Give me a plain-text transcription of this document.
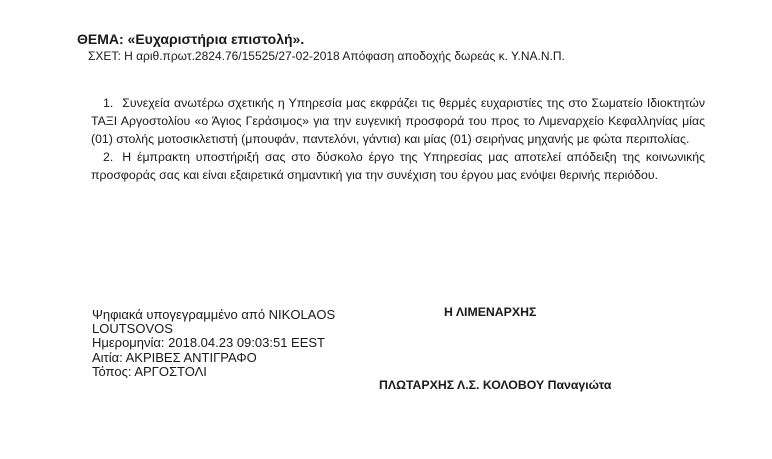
ΘΕΜΑ: «Ευχαριστήρια επιστολή».
ΣΧΕΤ: Η αριθ.πρωτ.2824.76/15525/27-02-2018 Απόφαση αποδοχής δωρεάς κ. Υ.ΝΑ.Ν.Π.
1. Συνεχεία ανωτέρω σχετικής η Υπηρεσία μας εκφράζει τις θερμές ευχαριστίες της στο Σωματείο Ιδιοκτητών ΤΑΞΙ Αργοστολίου «ο Άγιος Γεράσιμος» για την ευγενική προσφορά του προς το Λιμεναρχείο Κεφαλληνίας μίας (01) στολής μοτοσικλετιστή (μπουφάν, παντελόνι, γάντια) και μίας (01) σειρήνας μηχανής με φώτα περιπολίας.
2. Η έμπρακτη υποστήριξή σας στο δύσκολο έργο της Υπηρεσίας μας αποτελεί απόδειξη της κοινωνικής προσφοράς σας και είναι εξαιρετικά σημαντική για την συνέχιση του έργου μας ενόψει θερινής περιόδου.
Ψηφιακά υπογεγραμμένο από NIKOLAOS LOUTSOVOS
Ημερομηνία: 2018.04.23 09:03:51 EEST
Αιτία: ΑΚΡΙΒΕΣ ΑΝΤΙΓΡΑΦΟ
Τόπος: ΑΡΓΟΣΤΟΛΙ
Η ΛΙΜΕΝΑΡΧΗΣ
ΠΛΩΤΑΡΧΗΣ Λ.Σ. ΚΟΛΟΒΟΥ Παναγιώτα
